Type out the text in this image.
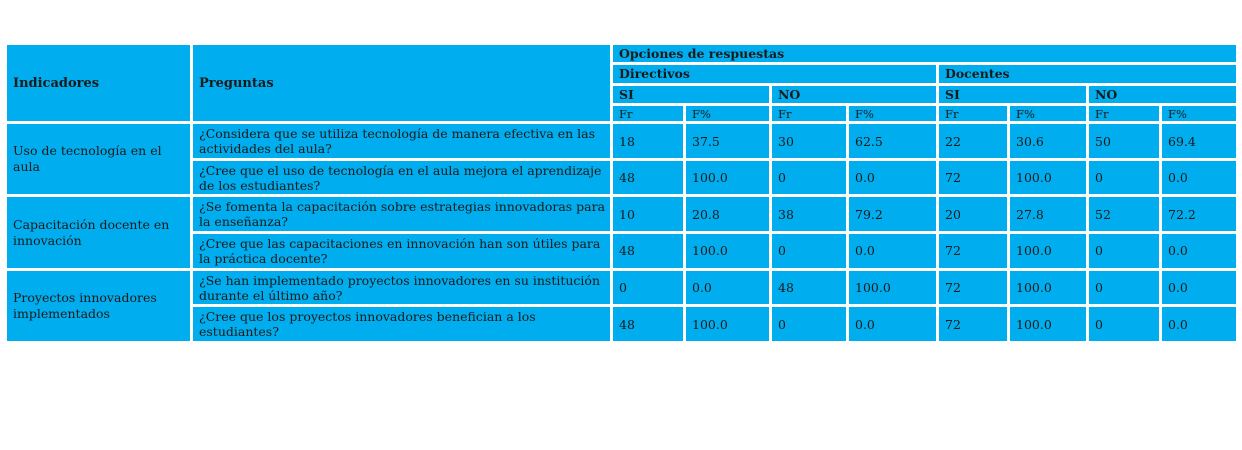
Indicadores	Preguntas	Opciones de respuestas							
		Directivos				Docentes			
		SI		NO		SI		NO	
		Fr	F%	Fr	F%	Fr	F%	Fr	F%
Uso de tecnología en el aula	¿Considera que se utiliza tecnología de manera efectiva en las actividades del aula?	18	37.5	30	62.5	22	30.6	50	69.4
	¿Cree que el uso de tecnología en el aula mejora el aprendizaje de los estudiantes?	48	100.0	0	0.0	72	100.0	0	0.0
Capacitación docente en innovación	¿Se fomenta la capacitación sobre estrategias innovadoras para la enseñanza?	10	20.8	38	79.2	20	27.8	52	72.2
	¿Cree que las capacitaciones en innovación han son útiles para la práctica docente?	48	100.0	0	0.0	72	100.0	0	0.0
Proyectos innovadores implementados	¿Se han implementado proyectos innovadores en su institución durante el último año?	0	0.0	48	100.0	72	100.0	0	0.0
	¿Cree que los proyectos innovadores benefician a los estudiantes?	48	100.0	0	0.0	72	100.0	0	0.0
